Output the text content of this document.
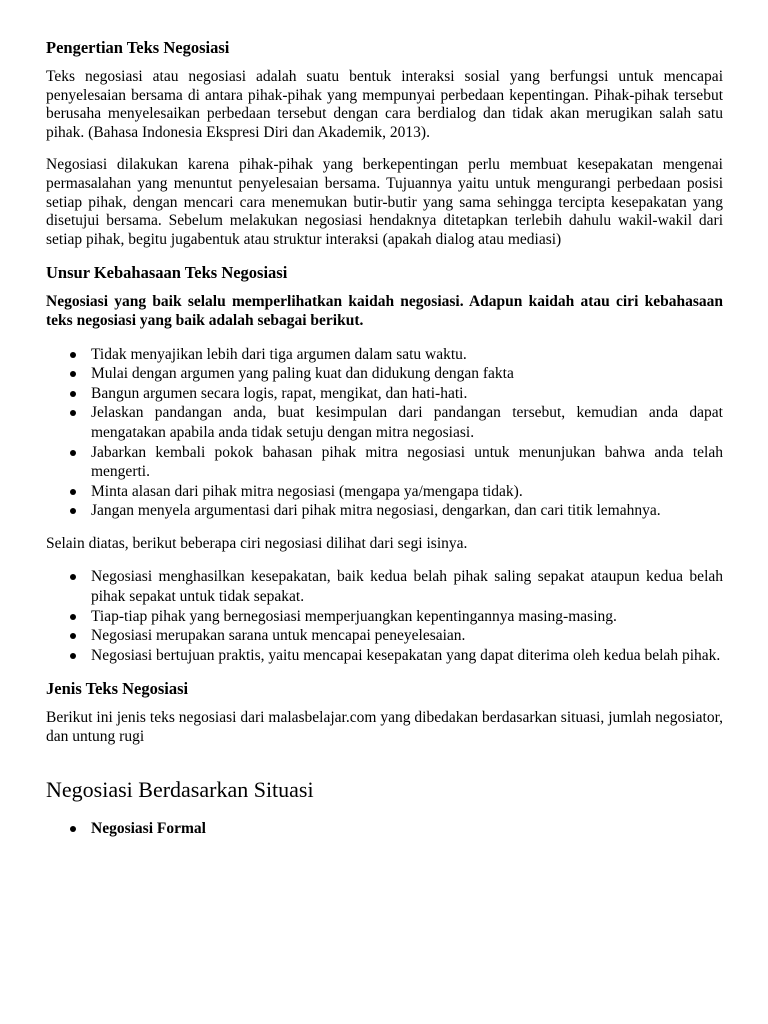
Pengertian Teks Negosiasi

Teks negosiasi atau negosiasi adalah suatu bentuk interaksi sosial yang berfungsi untuk mencapai penyelesaian bersama di antara pihak-pihak yang mempunyai perbedaan kepentingan. Pihak-pihak tersebut berusaha menyelesaikan perbedaan tersebut dengan cara berdialog dan tidak akan merugikan salah satu pihak. (Bahasa Indonesia Ekspresi Diri dan Akademik, 2013).

Negosiasi dilakukan karena pihak-pihak yang berkepentingan perlu membuat kesepakatan mengenai permasalahan yang menuntut penyelesaian bersama. Tujuannya yaitu untuk mengurangi perbedaan posisi setiap pihak, dengan mencari cara menemukan butir-butir yang sama sehingga tercipta kesepakatan yang disetujui bersama. Sebelum melakukan negosiasi hendaknya ditetapkan terlebih dahulu wakil-wakil dari setiap pihak, begitu jugabentuk atau struktur interaksi (apakah dialog atau mediasi)

Unsur Kebahasaan Teks Negosiasi

Negosiasi yang baik selalu memperlihatkan kaidah negosiasi. Adapun kaidah atau ciri kebahasaan teks negosiasi yang baik adalah sebagai berikut.

Tidak menyajikan lebih dari tiga argumen dalam satu waktu.
Mulai dengan argumen yang paling kuat dan didukung dengan fakta
Bangun argumen secara logis, rapat, mengikat, dan hati-hati.
Jelaskan pandangan anda, buat kesimpulan dari pandangan tersebut, kemudian anda dapat mengatakan apabila anda tidak setuju dengan mitra negosiasi.
Jabarkan kembali pokok bahasan pihak mitra negosiasi untuk menunjukan bahwa anda telah mengerti.
Minta alasan dari pihak mitra negosiasi (mengapa ya/mengapa tidak).
Jangan menyela argumentasi dari pihak mitra negosiasi, dengarkan, dan cari titik lemahnya.

Selain diatas, berikut beberapa ciri negosiasi dilihat dari segi isinya.

Negosiasi menghasilkan kesepakatan, baik kedua belah pihak saling sepakat ataupun kedua belah pihak sepakat untuk tidak sepakat.
Tiap-tiap pihak yang bernegosiasi memperjuangkan kepentingannya masing-masing.
Negosiasi merupakan sarana untuk mencapai peneyelesaian.
Negosiasi bertujuan praktis, yaitu mencapai kesepakatan yang dapat diterima oleh kedua belah pihak.
Jenis Teks Negosiasi

Berikut ini jenis teks negosiasi dari malasbelajar.com yang dibedakan berdasarkan situasi, jumlah negosiator, dan untung rugi

Negosiasi Berdasarkan Situasi
Negosiasi Formal
